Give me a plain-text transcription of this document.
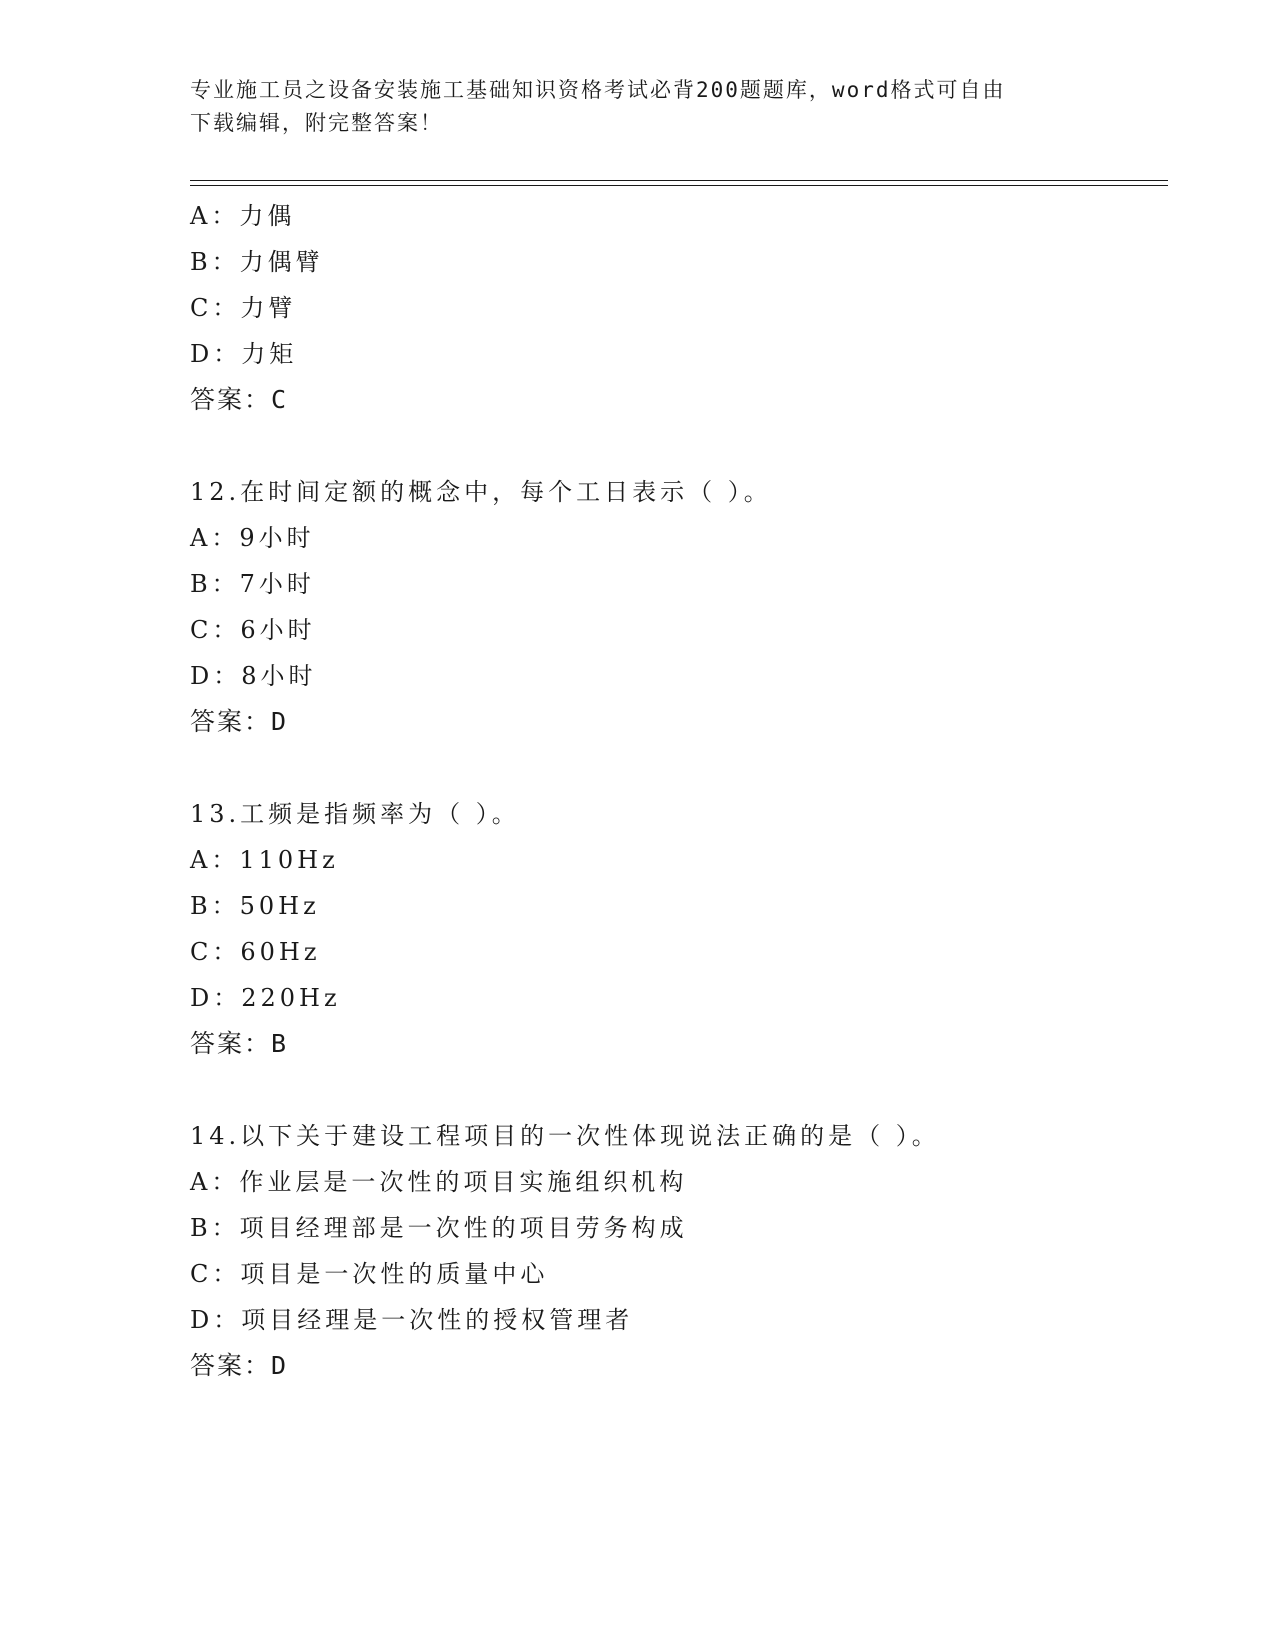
专业施工员之设备安装施工基础知识资格考试必背200题题库，word格式可自由
下载编辑，附完整答案！
A：力偶
B：力偶臂
C：力臂
D：力矩
答案：C
12.在时间定额的概念中，每个工日表示（ ）。
A：9小时
B：7小时
C：6小时
D：8小时
答案：D
13.工频是指频率为（ ）。
A：110Hz
B：50Hz
C：60Hz
D：220Hz
答案：B
14.以下关于建设工程项目的一次性体现说法正确的是（ ）。
A：作业层是一次性的项目实施组织机构
B：项目经理部是一次性的项目劳务构成
C：项目是一次性的质量中心
D：项目经理是一次性的授权管理者
答案：D
